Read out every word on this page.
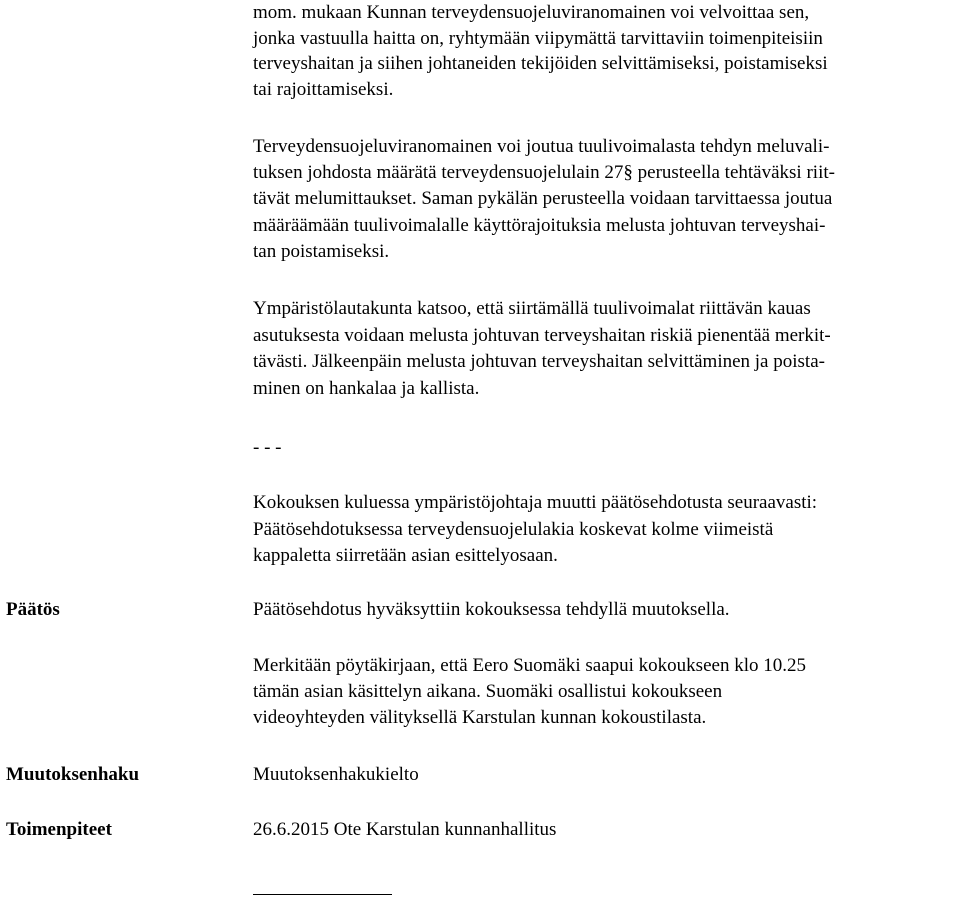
mom. mukaan Kunnan terveydensuojeluviranomainen voi velvoittaa sen,
jonka vastuulla haitta on, ryhtymään viipymättä tarvittaviin toimenpiteisiin
terveyshaitan ja siihen johtaneiden tekijöiden selvittämiseksi, poistamiseksi
tai rajoittamiseksi.
Terveydensuojeluviranomainen voi joutua tuulivoimalasta tehdyn meluvali-
tuksen johdosta määrätä terveydensuojelulain 27§ perusteella tehtäväksi riit-
tävät melumittaukset. Saman pykälän perusteella voidaan tarvittaessa joutua
määräämään tuulivoimalalle käyttörajoituksia melusta johtuvan terveyshai-
tan poistamiseksi.
Ympäristölautakunta katsoo, että siirtämällä tuulivoimalat riittävän kauas
asutuksesta voidaan melusta johtuvan terveyshaitan riskiä pienentää merkit-
tävästi. Jälkeenpäin melusta johtuvan terveyshaitan selvittäminen ja poista-
minen on hankalaa ja kallista.
- - -
Kokouksen kuluessa ympäristöjohtaja muutti päätösehdotusta seuraavasti:
Päätösehdotuksessa terveydensuojelulakia koskevat kolme viimeistä
kappaletta siirretään asian esittelyosaan.
Päätös	Päätösehdotus hyväksyttiin kokouksessa tehdyllä muutoksella.
Merkitään pöytäkirjaan, että Eero Suomäki saapui kokoukseen klo 10.25
tämän asian käsittelyn aikana. Suomäki osallistui kokoukseen
videoyhteyden välityksellä Karstulan kunnan kokoustilasta.
Muutoksenhaku	Muutoksenhakukielto
Toimenpiteet	26.6.2015 Ote Karstulan kunnanhallitus
